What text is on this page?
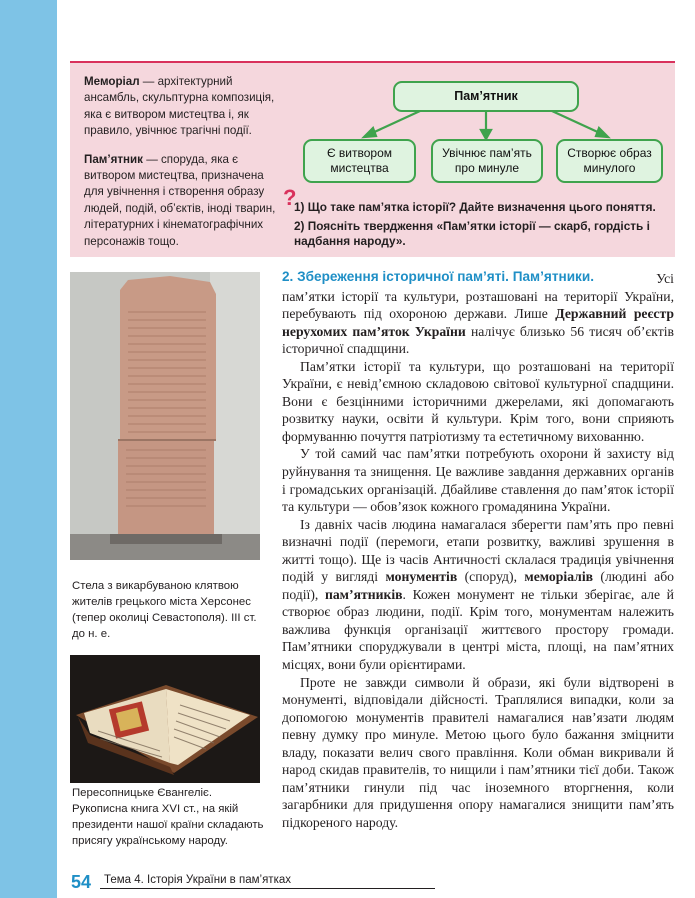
Меморіал — архітектурний ансамбль, скульптурна композиція, яка є витвором мистецтва і, як правило, увічнює трагічні події.

Пам’ятник — споруда, яка є витвором мистецтва, призначена для увічнення і створення образу людей, подій, об’єктів, іноді тварин, літературних і кінематографічних персонажів тощо.

Пам’ятник
Є витвором мистецтва
Увічнює пам’ять про минуле
Створює образ минулого
?
1) Що таке пам’ятка історії? Дайте визначення цього поняття.
2) Поясніть твердження «Пам’ятки історії — скарб, гордість і надбання народу».
Стела з викарбуваною клятвою жителів грецького міста Херсонес (тепер околиці Севастополя). ІІІ ст. до н. е.
Пересопницьке Євангеліє. Рукописна книга XVI ст., на якій президенти нашої країни складають присягу українському народу.
2. Збереження історичної пам’яті. Пам’ятники.	Усі пам’ятки історії та культури, розташовані на території України, перебувають під охороною держави. Лише Державний реєстр нерухомих пам’яток України налічує близько 56 тисяч об’єктів історичної спадщини.

Пам’ятки історії та культури, що розташовані на території України, є невід’ємною складовою світової культурної спадщини. Вони є безцінними історичними джерелами, які допомагають розвитку науки, освіти й культури. Крім того, вони сприяють формуванню почуття патріотизму та естетичному вихованню.

У той самий час пам’ятки потребують охорони й захисту від руйнування та знищення. Це важливе завдання державних органів і громадських організацій. Дбайливе ставлення до пам’яток історії та культури — обов’язок кожного громадянина України.

Із давніх часів людина намагалася зберегти пам’ять про певні визначні події (перемоги, етапи розвитку, важливі зрушення в житті тощо). Ще із часів Античності склалася традиція увічнення подій у вигляді монументів (споруд), меморіалів (людині або події), пам’ятників. Кожен монумент не тільки зберігає, але й створює образ людини, події. Крім того, монументам належить важлива функція організації життєвого простору громади. Пам’ятники споруджували в центрі міста, площі, на пам’ятних місцях, вони були орієнтирами.

Проте не завжди символи й образи, які були відтворені в монументі, відповідали дійсності. Траплялися випадки, коли за допомогою монументів правителі намагалися нав’язати людям певну думку про минуле. Метою цього було бажання зміцнити владу, показати велич свого правління. Коли обман викривали й народ скидав правителів, то нищили і пам’ятники тієї доби. Також пам’ятники гинули під час іноземного вторгнення, коли загарбники для придушення опору намагалися знищити пам’ять підкореного народу.

54	Тема 4. Історія України в пам’ятках
